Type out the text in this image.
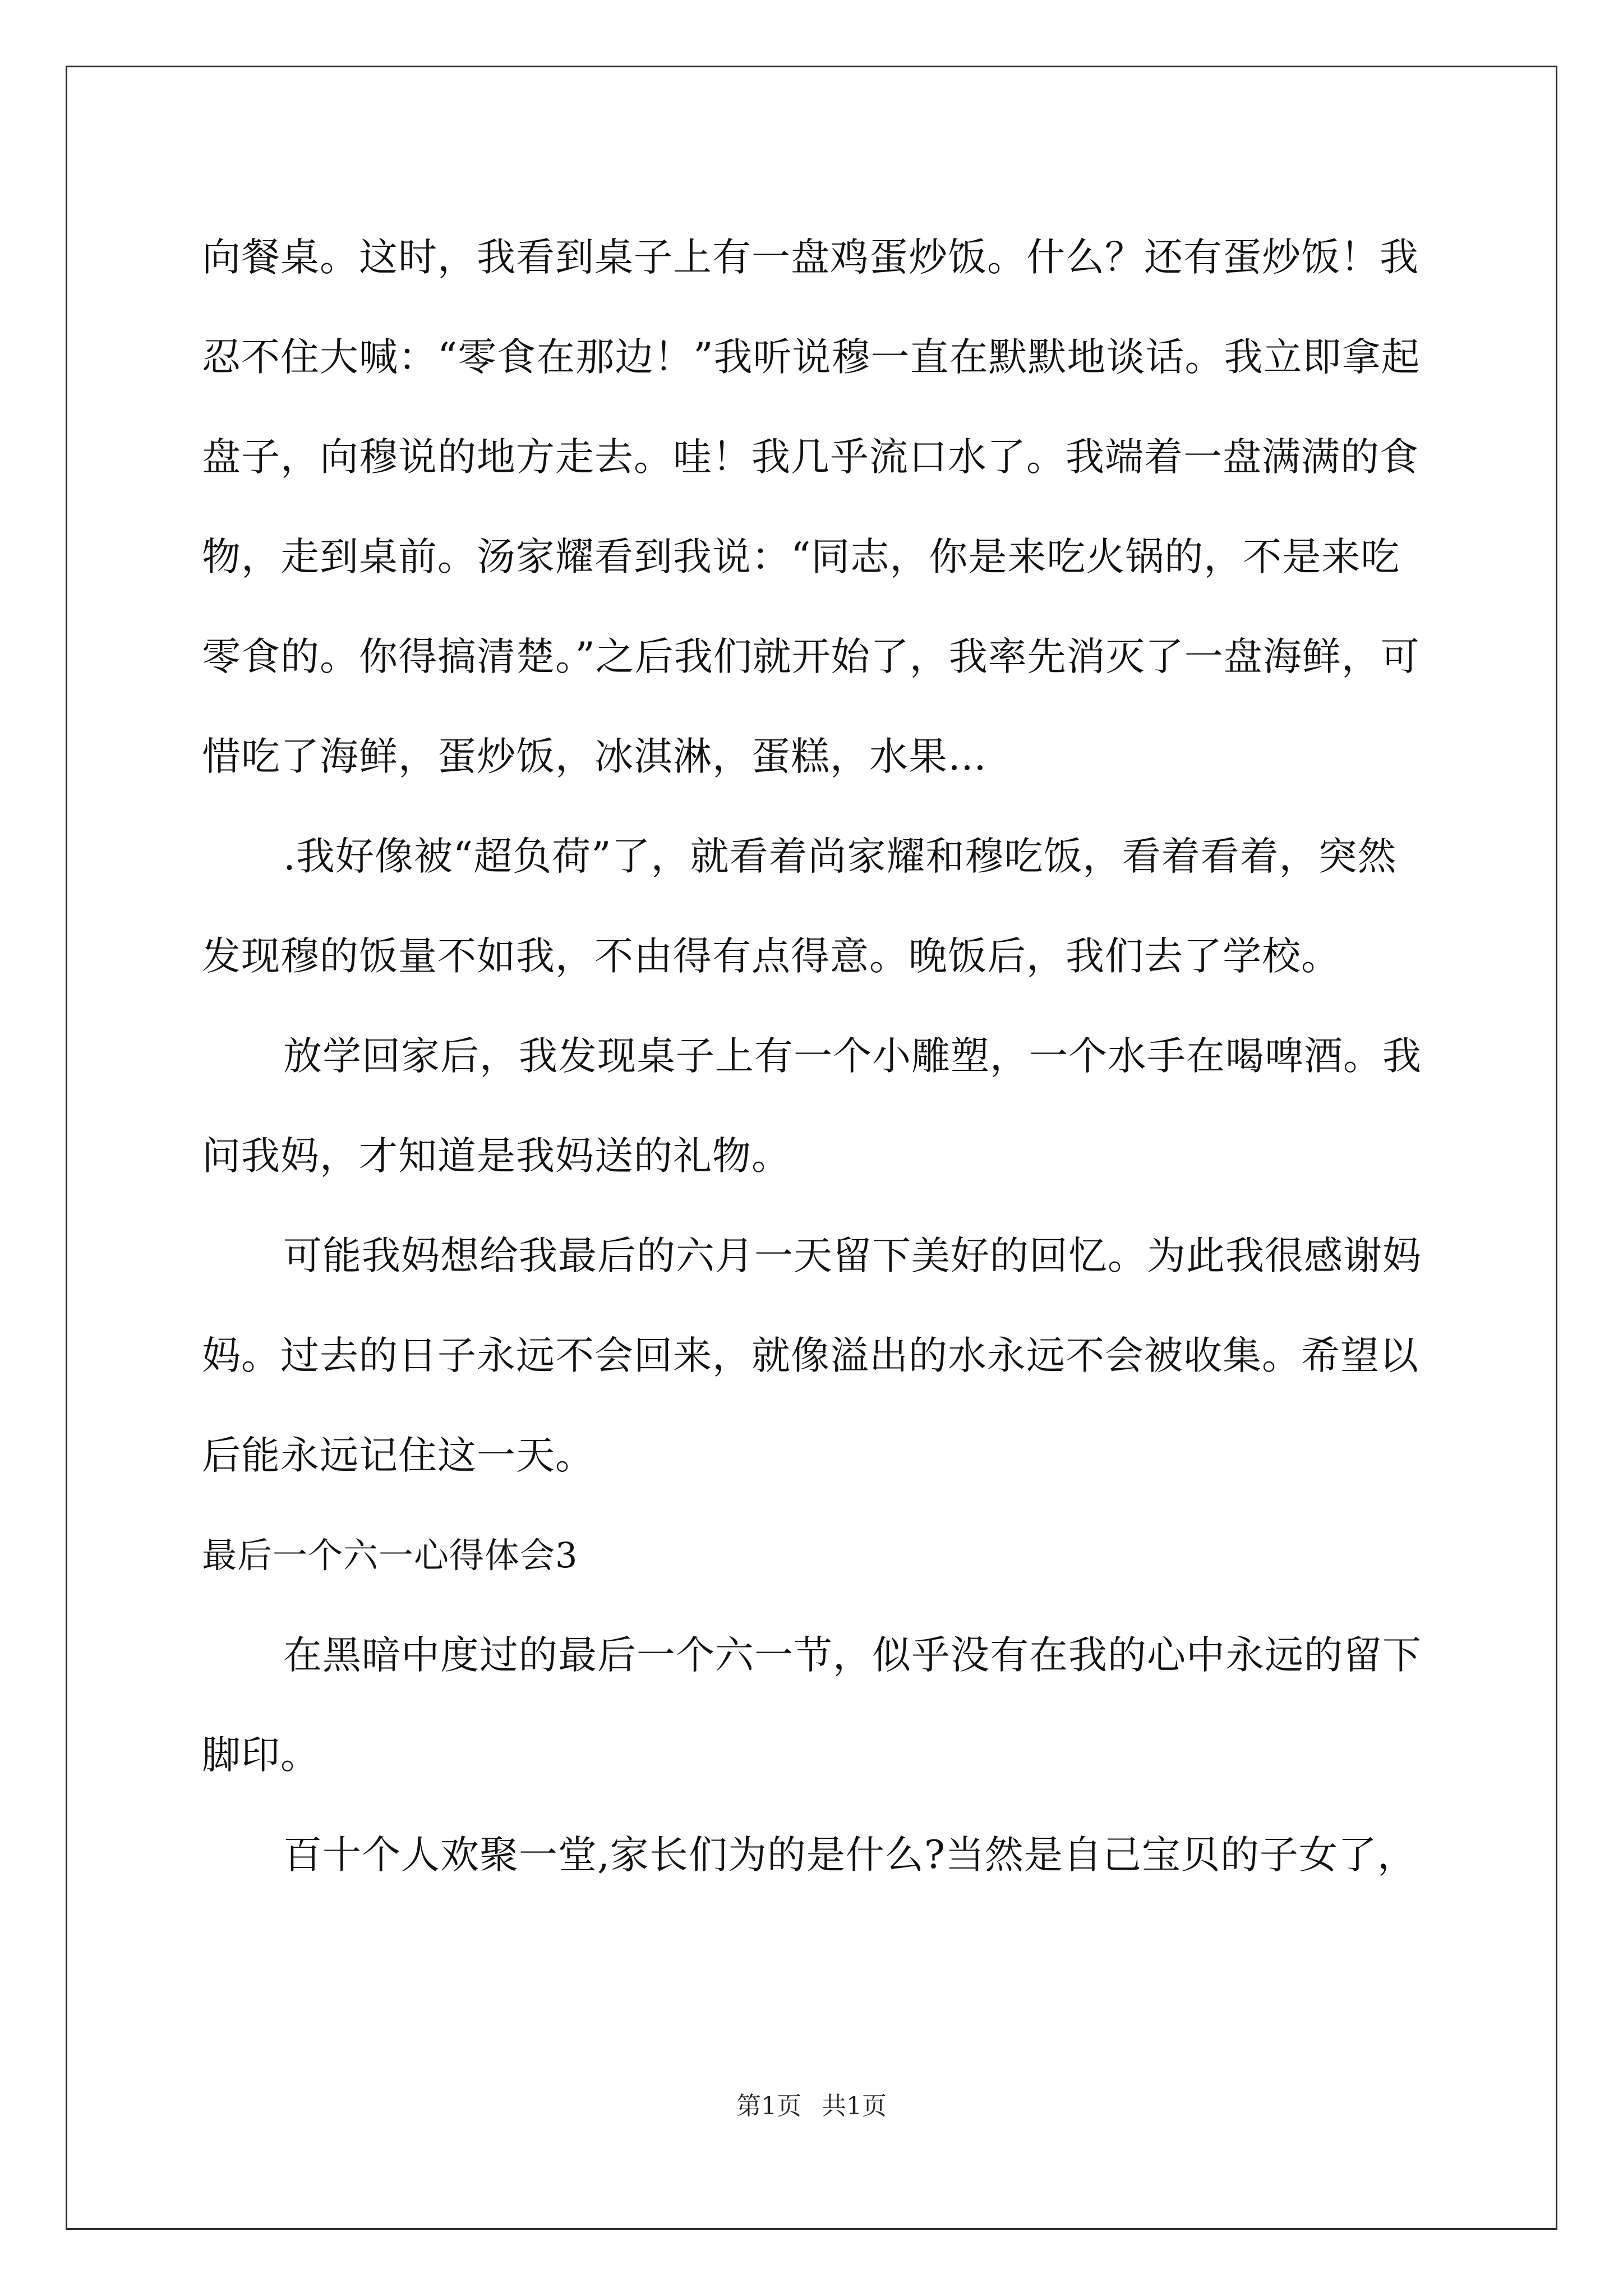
向餐桌。这时，我看到桌子上有一盘鸡蛋炒饭。什么？还有蛋炒饭！我忍不住大喊：“零食在那边！”我听说穆一直在默默地谈话。我立即拿起盘子，向穆说的地方走去。哇！我几乎流口水了。我端着一盘满满的食物，走到桌前。汤家耀看到我说：“同志，你是来吃火锅的，不是来吃零食的。你得搞清楚。”之后我们就开始了，我率先消灭了一盘海鲜，可惜吃了海鲜，蛋炒饭，冰淇淋，蛋糕，水果…

.我好像被“超负荷”了，就看着尚家耀和穆吃饭，看着看着，突然发现穆的饭量不如我，不由得有点得意。晚饭后，我们去了学校。

放学回家后，我发现桌子上有一个小雕塑，一个水手在喝啤酒。我问我妈，才知道是我妈送的礼物。

可能我妈想给我最后的六月一天留下美好的回忆。为此我很感谢妈妈。过去的日子永远不会回来，就像溢出的水永远不会被收集。希望以后能永远记住这一天。

最后一个六一心得体会3

在黑暗中度过的最后一个六一节，似乎没有在我的心中永远的留下脚印。

百十个人欢聚一堂,家长们为的是什么?当然是自己宝贝的子女了，

第1页 共1页
